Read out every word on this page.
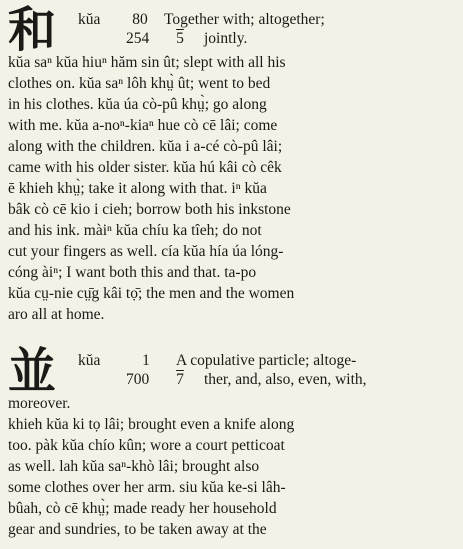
和 kŭa 80 Together with; altogether;
254 5 jointly.
kŭa saⁿ kŭa hiuⁿ hăm sin ût; slept with all his
clothes on. kŭa saⁿ lôh khṳ̀ ût; went to bed
in his clothes. kŭa úa cò-pû khṳ̀; go along
with me. kŭa a-noⁿ-kiaⁿ hue cò cē lâi; come
along with the children. kŭa i a-cé cò-pû lâi;
came with his older sister. kŭa hú kâi cò cêk
ē khieh khṳ̀; take it along with that. iⁿ kŭa
bâk cò cē kio i cieh; borrow both his inkstone
and his ink. màiⁿ kŭa chíu ka tîeh; do not
cut your fingers as well. cía kŭa hía úa lóng-
cóng àiⁿ; I want both this and that. ta-po
kŭa cṳ-nie cṳ̄g kâi tọ̄; the men and the women
aro all at home.
並 kŭa	1 A copulative particle; altoge-
700 7 ther, and, also, even, with,
moreover.
khieh kŭa ki tọ lâi; brought even a knife along
too. pàk kŭa chío kûn; wore a court petticoat
as well. lah kŭa saⁿ-khò lâi; brought also
some clothes over her arm. siu kŭa ke-si lâh-
bûah, cò cē khṳ̀; made ready her household
gear and sundries, to be taken away at the
